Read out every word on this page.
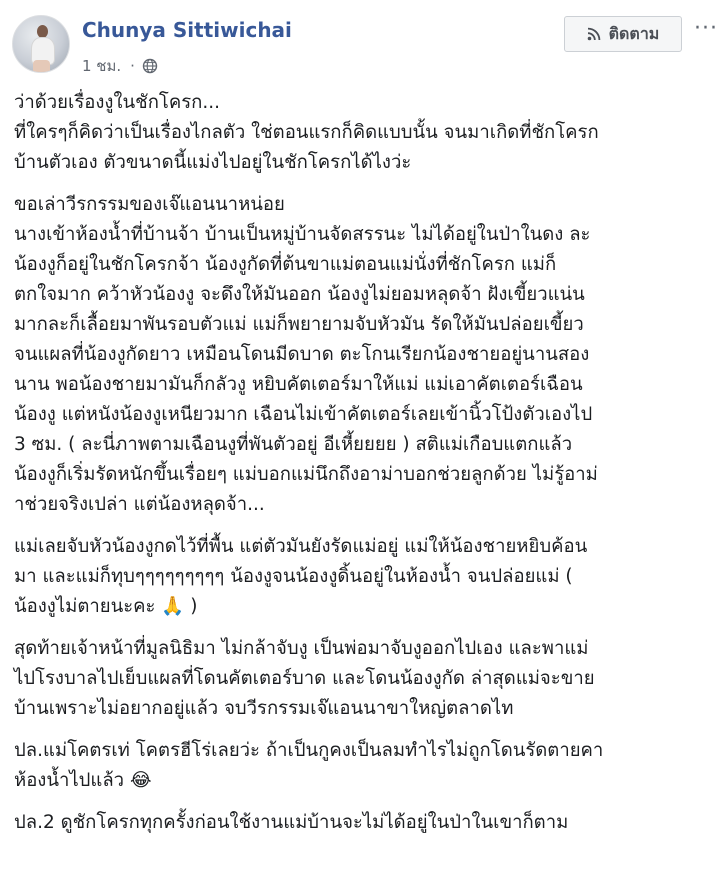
Chunya Sittiwichai
1 ชม. ·
ติดตาม ···

ว่าด้วยเรื่องงูในชักโครก...
ที่ใครๆก็คิดว่าเป็นเรื่องไกลตัว ใช่ตอนแรกก็คิดแบบนั้น จนมาเกิดที่ชักโครก
บ้านตัวเอง ตัวขนาดนี้แม่งไปอยู่ในชักโครกได้ไงว่ะ

ขอเล่าวีรกรรมของเจ๊แอนนาหน่อย
นางเข้าห้องน้ำที่บ้านจ้า บ้านเป็นหมู่บ้านจัดสรรนะ ไม่ได้อยู่ในป่าในดง ละ
น้องงูก็อยู่ในชักโครกจ้า น้องงูกัดที่ต้นขาแม่ตอนแม่นั่งที่ชักโครก แม่ก็
ตกใจมาก คว้าหัวน้องงู จะดึงให้มันออก น้องงูไม่ยอมหลุดจ้า ฝังเขี้ยวแน่น
มากละก็เลื้อยมาพันรอบตัวแม่ แม่ก็พยายามจับหัวมัน รัดให้มันปล่อยเขี้ยว
จนแผลที่น้องงูกัดยาว เหมือนโดนมีดบาด ตะโกนเรียกน้องชายอยู่นานสอง
นาน พอน้องชายมามันก็กลัวงู หยิบคัตเตอร์มาให้แม่ แม่เอาคัตเตอร์เฉือน
น้องงู แต่หนังน้องงูเหนียวมาก เฉือนไม่เข้าคัตเตอร์เลยเข้านิ้วโป้งตัวเองไป
3 ซม. ( ละนี่ภาพตามเฉือนงูที่พันตัวอยู่ อีเหี้ยยยย ) สติแม่เกือบแตกแล้ว
น้องงูก็เริ่มรัดหนักขึ้นเรื่อยๆ แม่บอกแม่นึกถึงอาม่าบอกช่วยลูกด้วย ไม่รู้อาม่
าช่วยจริงเปล่า แต่น้องหลุดจ้า...

แม่เลยจับหัวน้องงูกดไว้ที่พื้น แต่ตัวมันยังรัดแม่อยู่ แม่ให้น้องชายหยิบค้อน
มา และแม่ก็ทุบๆๆๆๆๆๆๆๆๆ น้องงูจนน้องงูดิ้นอยู่ในห้องน้ำ จนปล่อยแม่ (
น้องงูไม่ตายนะคะ 🙏 )

สุดท้ายเจ้าหน้าที่มูลนิธิมา ไม่กล้าจับงู เป็นพ่อมาจับงูออกไปเอง และพาแม่
ไปโรงบาลไปเย็บแผลที่โดนคัตเตอร์บาด และโดนน้องงูกัด ล่าสุดแม่จะขาย
บ้านเพราะไม่อยากอยู่แล้ว จบวีรกรรมเจ๊แอนนาขาใหญ่ตลาดไท

ปล.แม่โคตรเท่ โคตรฮีโร่เลยว่ะ ถ้าเป็นกูคงเป็นลมทำไรไม่ถูกโดนรัดตายคา
ห้องน้ำไปแล้ว 😂

ปล.2 ดูชักโครกทุกครั้งก่อนใช้งานแม่บ้านจะไม่ได้อยู่ในป่าในเขาก็ตาม
